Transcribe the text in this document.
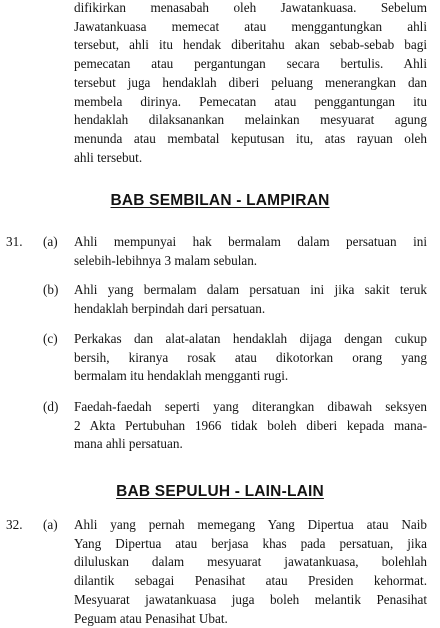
difikirkan menasabah oleh Jawatankuasa. Sebelum
Jawatankuasa memecat atau menggantungkan ahli
tersebut, ahli itu hendak diberitahu akan sebab-sebab bagi
pemecatan atau pergantungan secara bertulis. Ahli
tersebut juga hendaklah diberi peluang menerangkan dan
membela dirinya. Pemecatan atau penggantungan itu
hendaklah dilaksanankan melainkan mesyuarat agung
menunda atau membatal keputusan itu, atas rayuan oleh
ahli tersebut.
BAB SEMBILAN - LAMPIRAN
31. (a) Ahli mempunyai hak bermalam dalam persatuan ini
selebih-lebihnya 3 malam sebulan.
(b) Ahli yang bermalam dalam persatuan ini jika sakit teruk
hendaklah berpindah dari persatuan.
(c) Perkakas dan alat-alatan hendaklah dijaga dengan cukup
bersih, kiranya rosak atau dikotorkan orang yang
bermalam itu hendaklah mengganti rugi.
(d) Faedah-faedah seperti yang diterangkan dibawah seksyen
2 Akta Pertubuhan 1966 tidak boleh diberi kepada mana-
mana ahli persatuan.
BAB SEPULUH - LAIN-LAIN
32. (a) Ahli yang pernah memegang Yang Dipertua atau Naib
Yang Dipertua atau berjasa khas pada persatuan, jika
diluluskan dalam mesyuarat jawatankuasa, bolehlah
dilantik sebagai Penasihat atau Presiden kehormat.
Mesyuarat jawatankuasa juga boleh melantik Penasihat
Peguam atau Penasihat Ubat.
